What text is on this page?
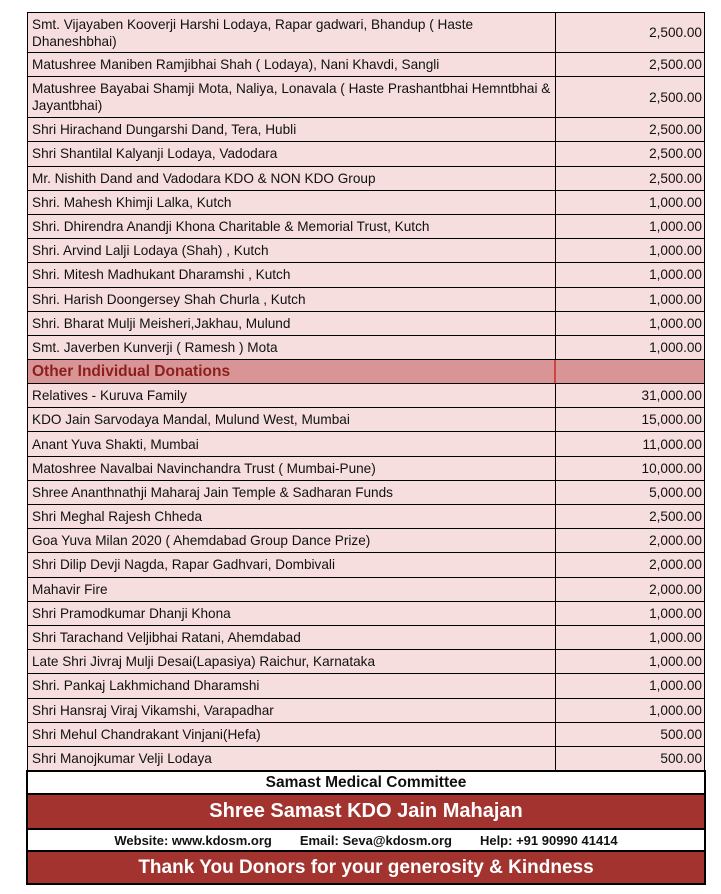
Smt. Vijayaben Kooverji Harshi Lodaya, Rapar gadwari, Bhandup ( Haste Dhaneshbhai)
2,500.00
Matushree Maniben Ramjibhai Shah ( Lodaya), Nani Khavdi, Sangli	2,500.00
Matushree Bayabai Shamji Mota, Naliya, Lonavala ( Haste Prashantbhai Hemntbhai & Jayantbhai)
2,500.00
Shri Hirachand Dungarshi Dand, Tera, Hubli	2,500.00
Shri Shantilal Kalyanji Lodaya, Vadodara	2,500.00
Mr. Nishith Dand and Vadodara KDO & NON KDO Group	2,500.00
Shri. Mahesh Khimji Lalka, Kutch	1,000.00
Shri. Dhirendra Anandji Khona Charitable & Memorial Trust, Kutch	1,000.00
Shri. Arvind Lalji Lodaya (Shah) , Kutch	1,000.00
Shri. Mitesh Madhukant Dharamshi , Kutch	1,000.00
Shri. Harish Doongersey Shah Churla , Kutch	1,000.00
Shri. Bharat Mulji Meisheri,Jakhau, Mulund	1,000.00
Smt. Javerben Kunverji ( Ramesh ) Mota	1,000.00
Other Individual Donations
Relatives - Kuruva Family	31,000.00
KDO Jain Sarvodaya Mandal, Mulund West, Mumbai	15,000.00
Anant Yuva Shakti, Mumbai	11,000.00
Matoshree Navalbai Navinchandra Trust ( Mumbai-Pune)	10,000.00
Shree Ananthnathji Maharaj Jain Temple & Sadharan Funds	5,000.00
Shri Meghal Rajesh Chheda	2,500.00
Goa Yuva Milan 2020 ( Ahemdabad Group Dance Prize)	2,000.00
Shri Dilip Devji Nagda, Rapar Gadhvari, Dombivali	2,000.00
Mahavir Fire	2,000.00
Shri Pramodkumar Dhanji Khona	1,000.00
Shri Tarachand Veljibhai Ratani, Ahemdabad	1,000.00
Late Shri Jivraj Mulji Desai(Lapasiya) Raichur, Karnataka	1,000.00
Shri. Pankaj Lakhmichand Dharamshi	1,000.00
Shri Hansraj Viraj Vikamshi, Varapadhar	1,000.00
Shri Mehul Chandrakant Vinjani(Hefa)	500.00
Shri Manojkumar Velji Lodaya	500.00
Samast Medical Committee
Shree Samast KDO Jain Mahajan
Website: www.kdosm.org Email: Seva@kdosm.org Help: +91 90990 41414
Thank You Donors for your generosity & Kindness
